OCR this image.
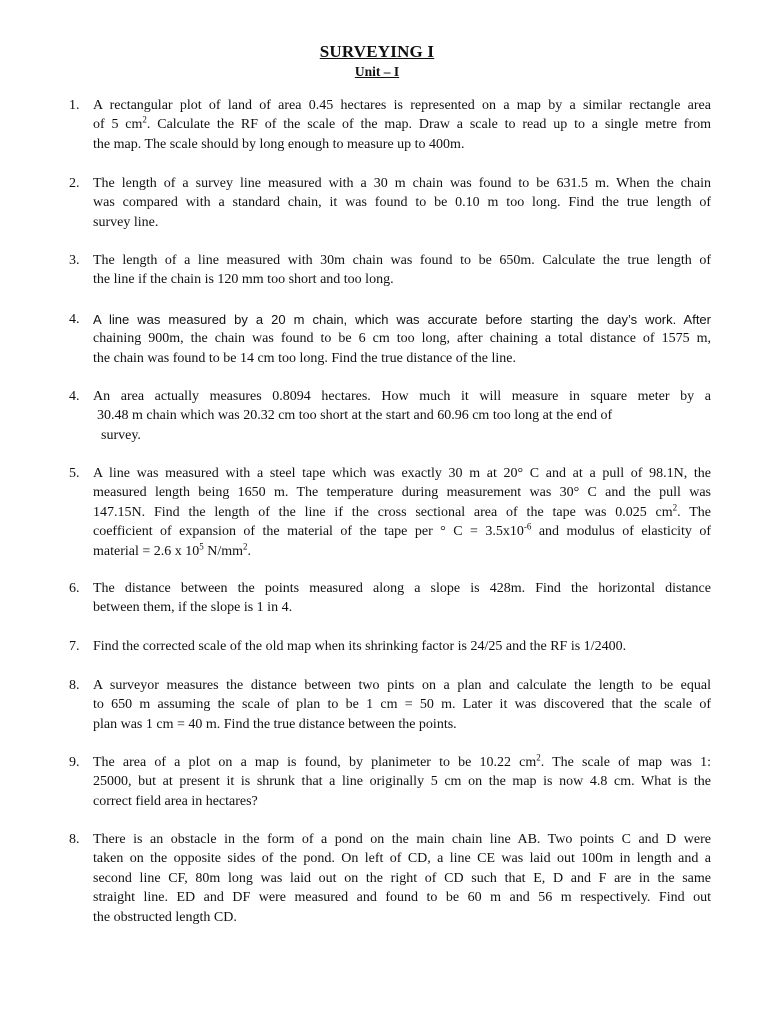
SURVEYING I
Unit – I
1. A rectangular plot of land of area 0.45 hectares is represented on a map by a similar rectangle area
of 5 $cm^2$. Calculate the RF of the scale of the map. Draw a scale to read up to a single metre from
the map. The scale should by long enough to measure up to 400m.
2. The length of a survey line measured with a 30 m chain was found to be 631.5 m. When the chain
was compared with a standard chain, it was found to be 0.10 m too long. Find the true length of
survey line.
3. The length of a line measured with 30m chain was found to be 650m. Calculate the true length of
the line if the chain is 120 mm too short and too long.
4. A line was measured by a 20 m chain, which was accurate before starting the day’s work. After
chaining 900m, the chain was found to be 6 cm too long, after chaining a total distance of 1575 m,
the chain was found to be 14 cm too long. Find the true distance of the line.
4. An area actually measures 0.8094 hectares. How much it will measure in square meter by a
30.48 m chain which was 20.32 cm too short at the start and 60.96 cm too long at the end of
survey.
5. A line was measured with a steel tape which was exactly 30 m at 20° C and at a pull of 98.1N, the
measured length being 1650 m. The temperature during measurement was 30° C and the pull was
147.15N. Find the length of the line if the cross sectional area of the tape was 0.025 $cm^2$. The
coefficient of expansion of the material of the tape per ° $C = 3.5x10^{-6}$ and modulus of elasticity of
material = 2.6 x $10^5$ $N/mm^2$.
6. The distance between the points measured along a slope is 428m. Find the horizontal distance
between them, if the slope is 1 in 4.
7. Find the corrected scale of the old map when its shrinking factor is 24/25 and the RF is 1/2400.
8. A surveyor measures the distance between two pints on a plan and calculate the length to be equal
to 650 m assuming the scale of plan to be 1 cm = 50 m. Later it was discovered that the scale of
plan was 1 cm = 40 m. Find the true distance between the points.
9. The area of a plot on a map is found, by planimeter to be 10.22 $cm^2$. The scale of map was 1:
25000, but at present it is shrunk that a line originally 5 cm on the map is now 4.8 cm. What is the
correct field area in hectares?
8. There is an obstacle in the form of a pond on the main chain line AB. Two points C and D were
taken on the opposite sides of the pond. On left of CD, a line CE was laid out 100m in length and a
second line CF, 80m long was laid out on the right of CD such that E, D and F are in the same
straight line. ED and DF were measured and found to be 60 m and 56 m respectively. Find out
the obstructed length CD.
